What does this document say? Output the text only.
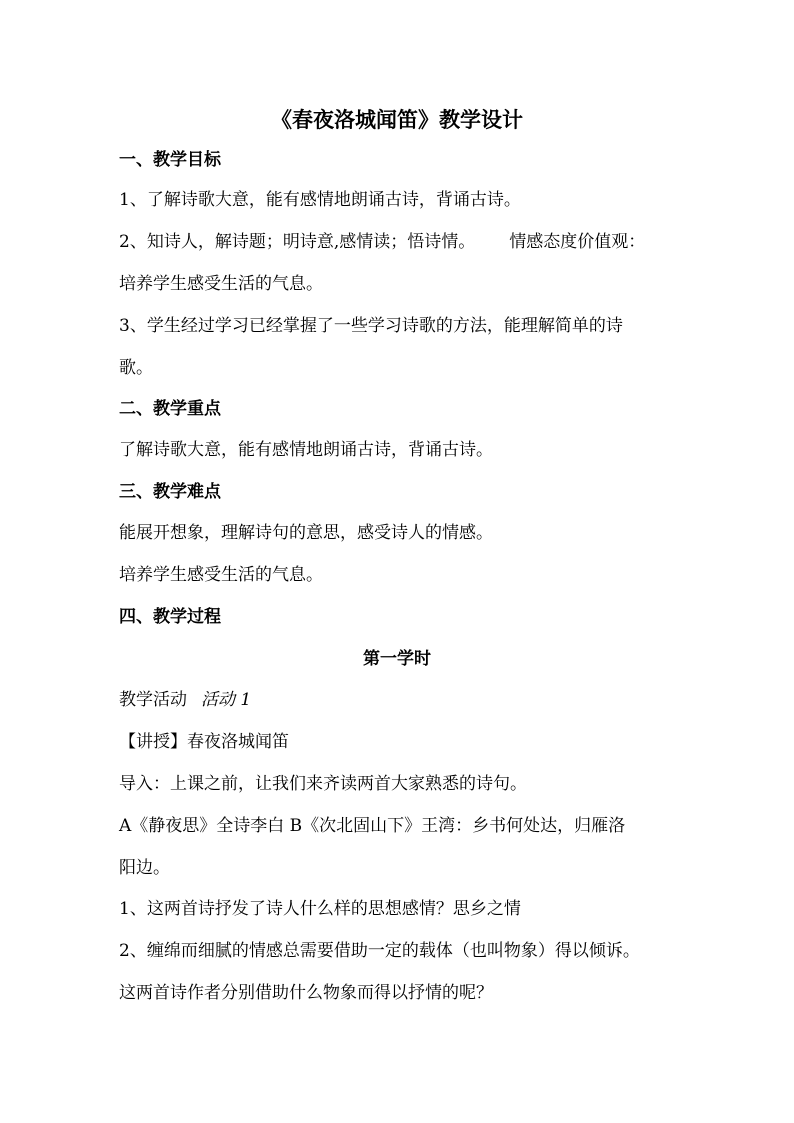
《春夜洛城闻笛》教学设计
一、教学目标
1、了解诗歌大意，能有感情地朗诵古诗，背诵古诗。
2、知诗人，解诗题；明诗意,感情读；悟诗情。 情感态度价值观：
培养学生感受生活的气息。
3、学生经过学习已经掌握了一些学习诗歌的方法，能理解简单的诗
歌。
二、教学重点
了解诗歌大意，能有感情地朗诵古诗，背诵古诗。
三、教学难点
能展开想象，理解诗句的意思，感受诗人的情感。
培养学生感受生活的气息。
四、教学过程
第一学时
教学活动 活动 1
【讲授】春夜洛城闻笛
导入：上课之前，让我们来齐读两首大家熟悉的诗句。
A《静夜思》全诗李白 B《次北固山下》王湾：乡书何处达，归雁洛
阳边。
1、这两首诗抒发了诗人什么样的思想感情？思乡之情
2、缠绵而细腻的情感总需要借助一定的载体（也叫物象）得以倾诉。
这两首诗作者分别借助什么物象而得以抒情的呢？
